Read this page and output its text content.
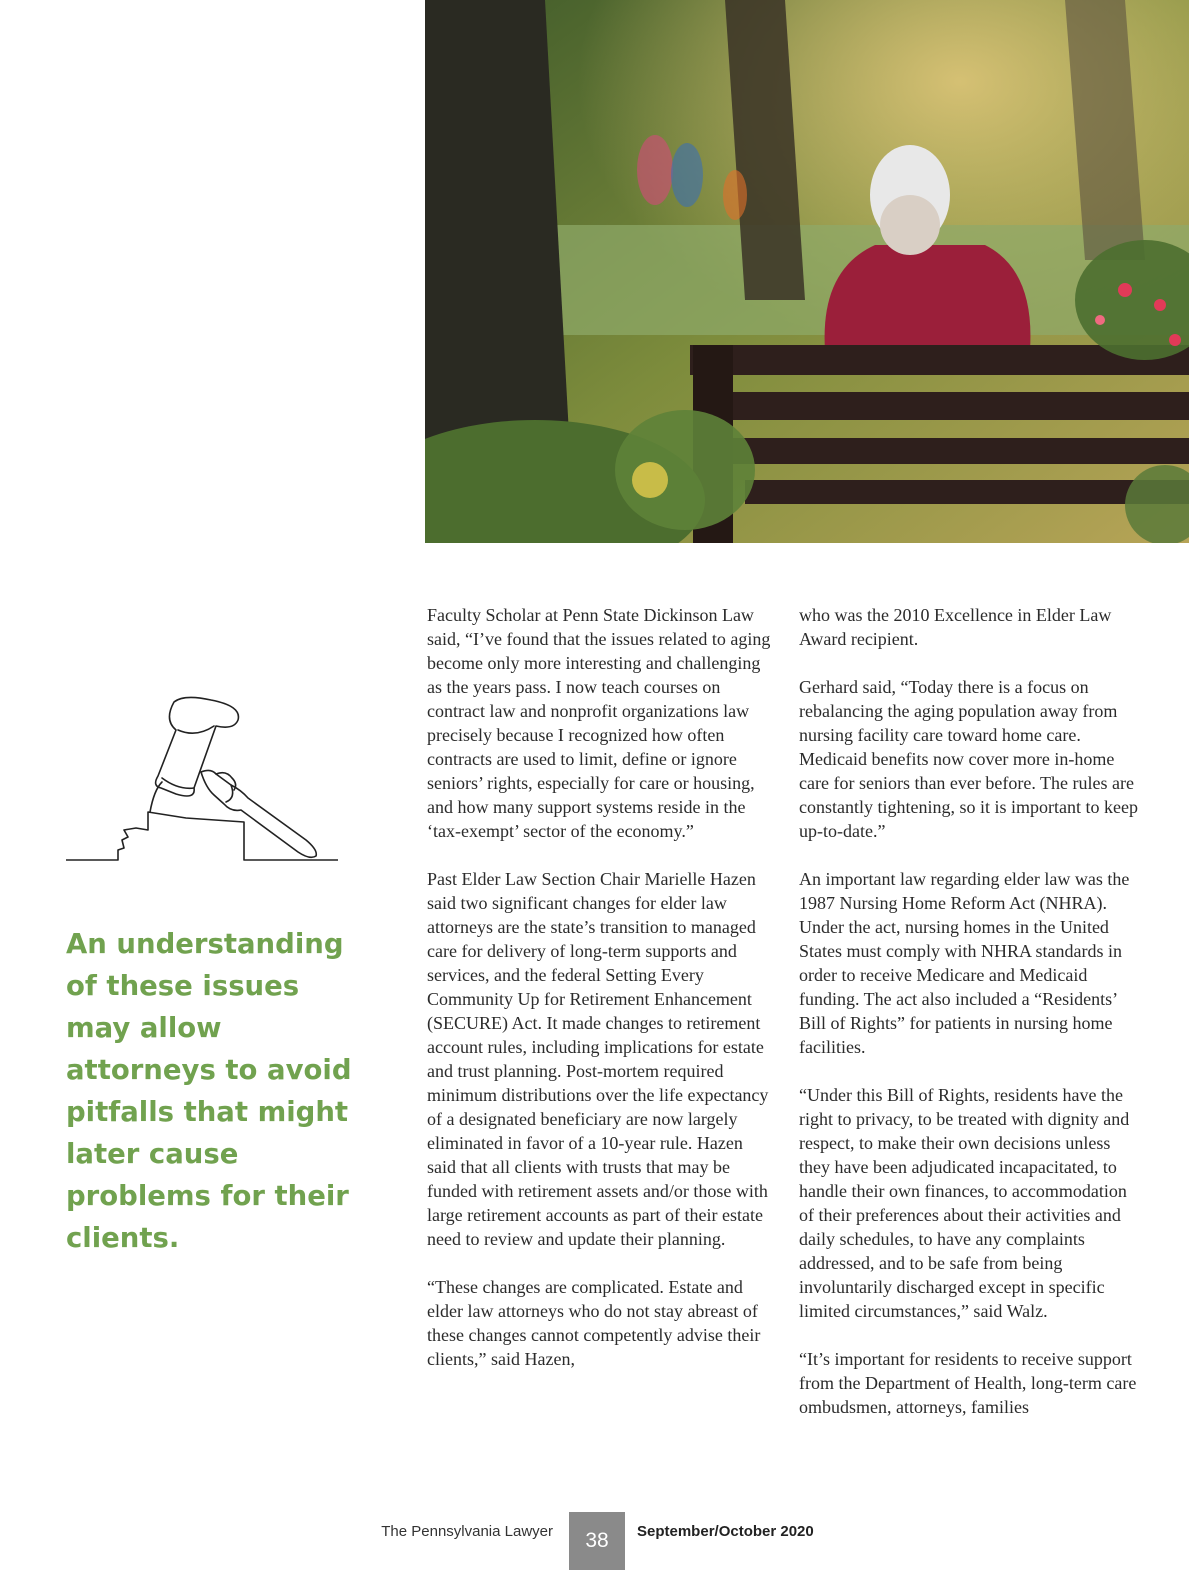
An understanding of these issues may allow attorneys to avoid pitfalls that might later cause problems for their clients.

Faculty Scholar at Penn State Dickinson Law said, “I’ve found that the issues related to aging become only more interesting and challenging as the years pass. I now teach courses on contract law and nonprofit organizations law precisely because I recognized how often contracts are used to limit, define or ignore seniors’ rights, especially for care or housing, and how many support systems reside in the ‘tax-exempt’ sector of the economy.”

Past Elder Law Section Chair Marielle Hazen said two significant changes for elder law attorneys are the state’s transition to managed care for delivery of long-term supports and services, and the federal Setting Every Community Up for Retirement Enhancement (SECURE) Act. It made changes to retirement account rules, including implications for estate and trust planning. Post-mortem required minimum distributions over the life expectancy of a designated beneficiary are now largely eliminated in favor of a 10-year rule. Hazen said that all clients with trusts that may be funded with retirement assets and/or those with large retirement accounts as part of their estate need to review and update their planning.

“These changes are complicated. Estate and elder law attorneys who do not stay abreast of these changes cannot competently advise their clients,” said Hazen,

who was the 2010 Excellence in Elder Law Award recipient.

Gerhard said, “Today there is a focus on rebalancing the aging population away from nursing facility care toward home care. Medicaid benefits now cover more in-home care for seniors than ever before. The rules are constantly tightening, so it is important to keep up-to-date.”

An important law regarding elder law was the 1987 Nursing Home Reform Act (NHRA). Under the act, nursing homes in the United States must comply with NHRA standards in order to receive Medicare and Medicaid funding. The act also included a “Residents’ Bill of Rights” for patients in nursing home facilities.

“Under this Bill of Rights, residents have the right to privacy, to be treated with dignity and respect, to make their own decisions unless they have been adjudicated incapacitated, to handle their own finances, to accommodation of their preferences about their activities and daily schedules, to have any complaints addressed, and to be safe from being involuntarily discharged except in specific limited circumstances,” said Walz.

“It’s important for residents to receive support from the Department of Health, long-term care ombudsmen, attorneys, families

The Pennsylvania Lawyer	38	September/October 2020
